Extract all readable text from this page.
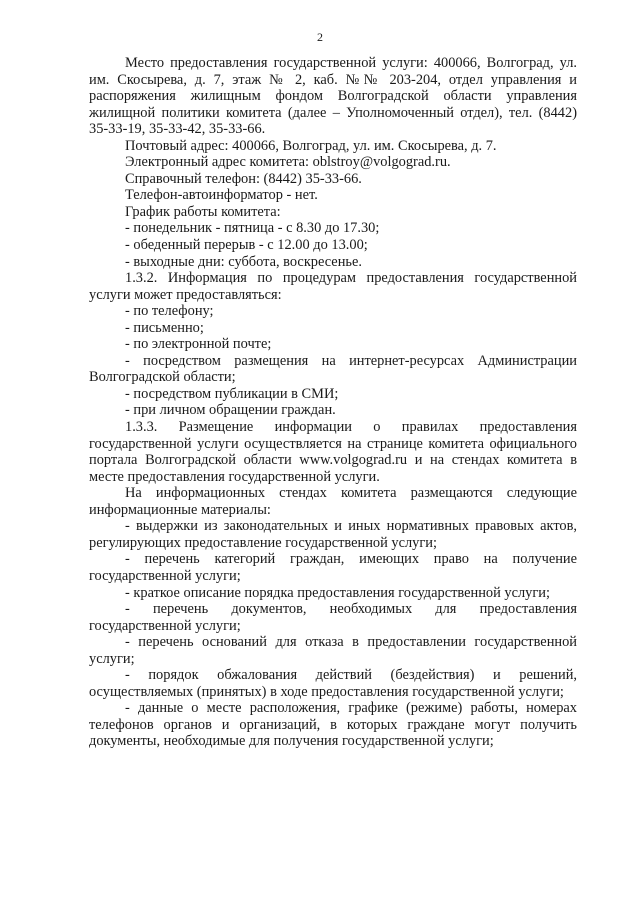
2

Место предоставления государственной услуги: 400066, Волгоград, ул. им. Скосырева, д. 7, этаж № 2, каб. №№ 203-204, отдел управления и распоряжения жилищным фондом Волгоградской области управления жилищной политики комитета (далее – Уполномоченный отдел), тел. (8442) 35-33-19, 35-33-42, 35-33-66.

Почтовый адрес: 400066, Волгоград, ул. им. Скосырева, д. 7.

Электронный адрес комитета: oblstroy@volgograd.ru.

Справочный телефон: (8442) 35-33-66.

Телефон-автоинформатор - нет.

График работы комитета:

- понедельник - пятница - с 8.30 до 17.30;

- обеденный перерыв - с 12.00 до 13.00;

- выходные дни: суббота, воскресенье.

1.3.2. Информация по процедурам предоставления государственной услуги может предоставляться:

- по телефону;

- письменно;

- по электронной почте;

- посредством размещения на интернет-ресурсах Администрации Волгоградской области;

- посредством публикации в СМИ;

- при личном обращении граждан.

1.3.3. Размещение информации о правилах предоставления государственной услуги осуществляется на странице комитета официального портала Волгоградской области www.volgograd.ru и на стендах комитета в месте предоставления государственной услуги.

На информационных стендах комитета размещаются следующие информационные материалы:

- выдержки из законодательных и иных нормативных правовых актов, регулирующих предоставление государственной услуги;

- перечень категорий граждан, имеющих право на получение государственной услуги;

- краткое описание порядка предоставления государственной услуги;

- перечень документов, необходимых для предоставления государственной услуги;

- перечень оснований для отказа в предоставлении государственной услуги;

- порядок обжалования действий (бездействия) и решений, осуществляемых (принятых) в ходе предоставления государственной услуги;

- данные о месте расположения, графике (режиме) работы, номерах телефонов органов и организаций, в которых граждане могут получить документы, необходимые для получения государственной услуги;
